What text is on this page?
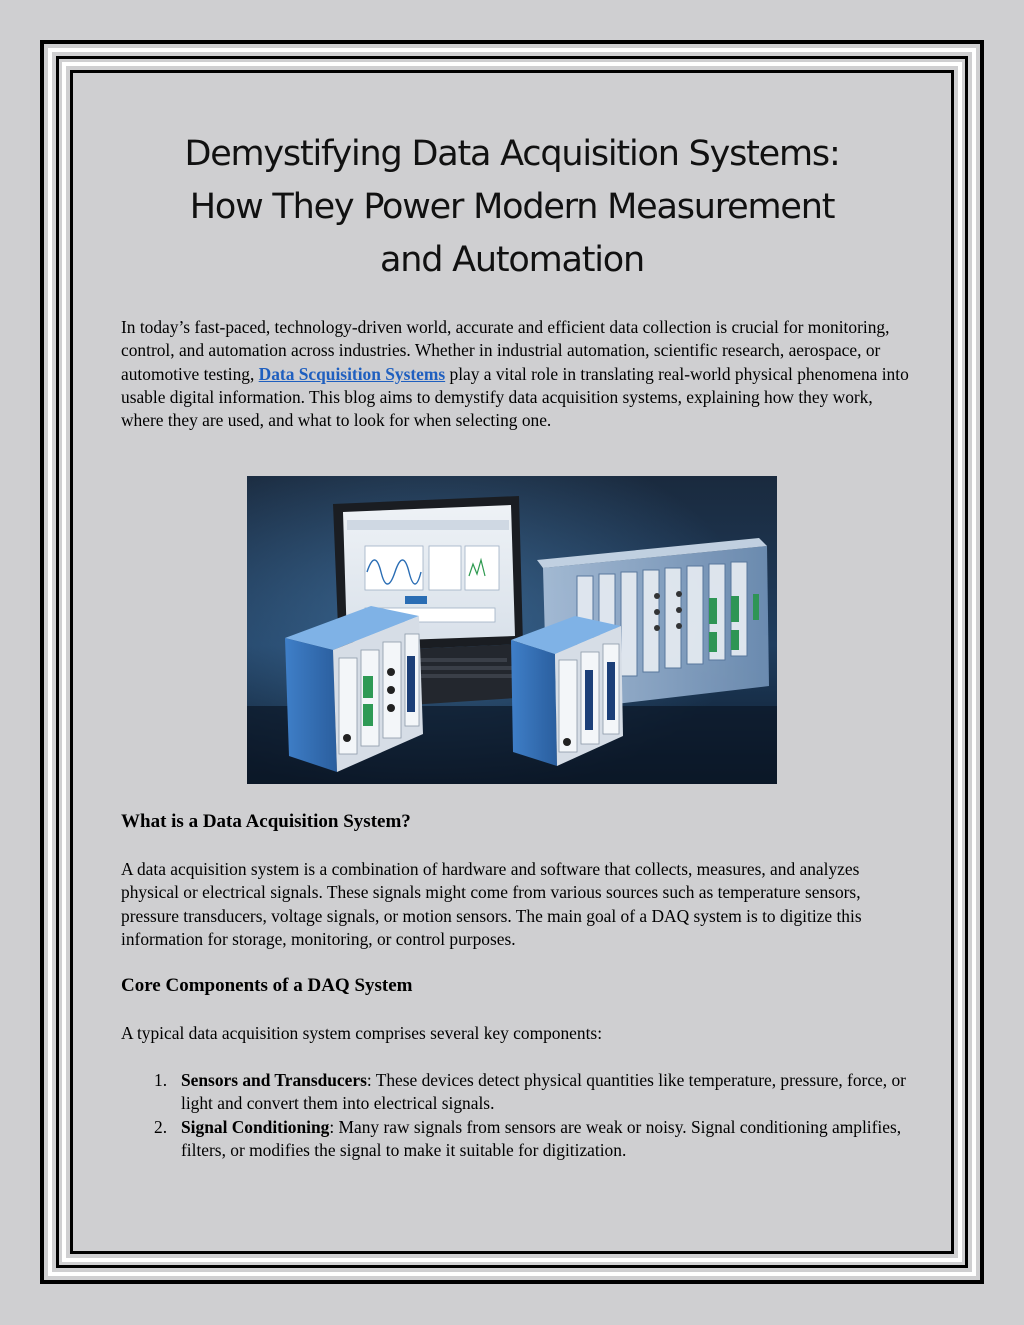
Demystifying Data Acquisition Systems:
How They Power Modern Measurement
and Automation

In today’s fast-paced, technology-driven world, accurate and efficient data collection is crucial for monitoring, control, and automation across industries. Whether in industrial automation, scientific research, aerospace, or automotive testing, Data Scquisition Systems play a vital role in translating real-world physical phenomena into usable digital information. This blog aims to demystify data acquisition systems, explaining how they work, where they are used, and what to look for when selecting one.

What is a Data Acquisition System?

A data acquisition system is a combination of hardware and software that collects, measures, and analyzes physical or electrical signals. These signals might come from various sources such as temperature sensors, pressure transducers, voltage signals, or motion sensors. The main goal of a DAQ system is to digitize this information for storage, monitoring, or control purposes.

Core Components of a DAQ System

A typical data acquisition system comprises several key components:

1. Sensors and Transducers: These devices detect physical quantities like temperature, pressure, force, or light and convert them into electrical signals.
2. Signal Conditioning: Many raw signals from sensors are weak or noisy. Signal conditioning amplifies, filters, or modifies the signal to make it suitable for digitization.
